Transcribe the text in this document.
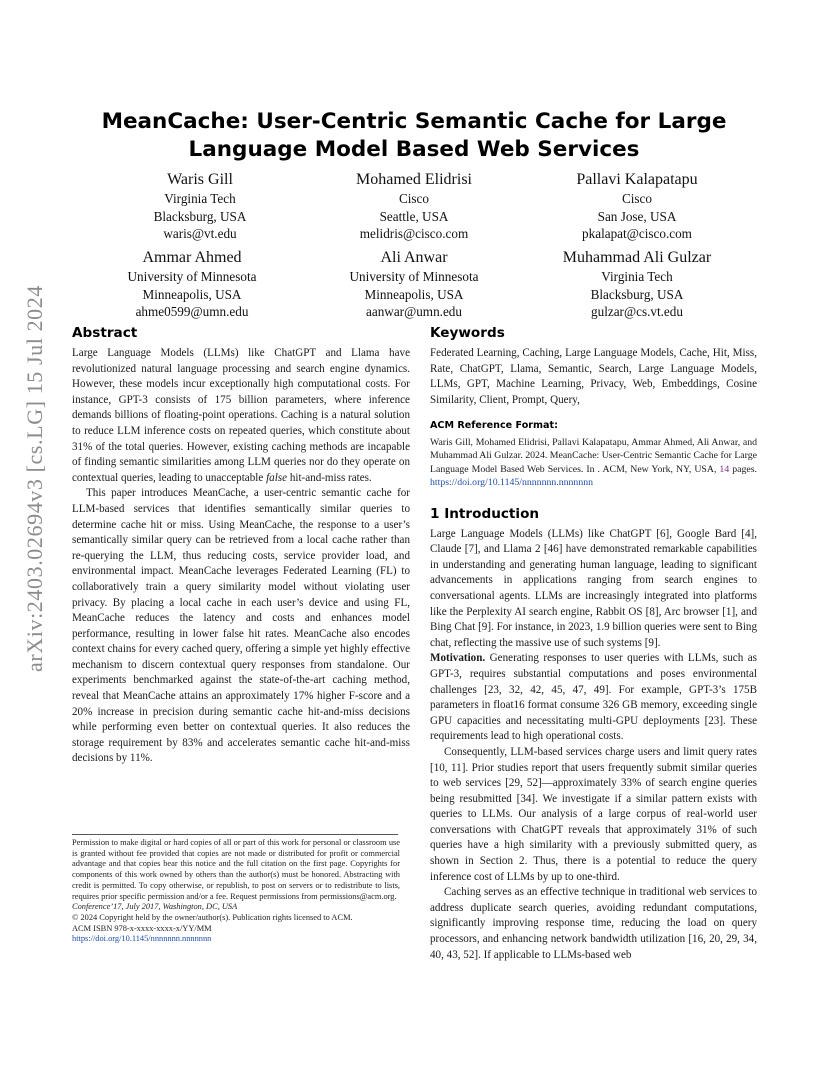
arXiv:2403.02694v3 [cs.LG] 15 Jul 2024
MeanCache: User-Centric Semantic Cache for Large Language Model Based Web Services
Waris Gill
Virginia Tech
Blacksburg, USA
waris@vt.edu
Mohamed Elidrisi
Cisco
Seattle, USA
melidris@cisco.com
Pallavi Kalapatapu
Cisco
San Jose, USA
pkalapat@cisco.com
Ammar Ahmed
University of Minnesota
Minneapolis, USA
ahme0599@umn.edu
Ali Anwar
University of Minnesota
Minneapolis, USA
aanwar@umn.edu
Muhammad Ali Gulzar
Virginia Tech
Blacksburg, USA
gulzar@cs.vt.edu
Abstract

Large Language Models (LLMs) like ChatGPT and Llama have revolutionized natural language processing and search engine dynamics. However, these models incur exceptionally high computational costs. For instance, GPT-3 consists of 175 billion parameters, where inference demands billions of floating-point operations. Caching is a natural solution to reduce LLM inference costs on repeated queries, which constitute about 31% of the total queries. However, existing caching methods are incapable of finding semantic similarities among LLM queries nor do they operate on contextual queries, leading to unacceptable false hit-and-miss rates.

This paper introduces MeanCache, a user-centric semantic cache for LLM-based services that identifies semantically similar queries to determine cache hit or miss. Using MeanCache, the response to a user’s semantically similar query can be retrieved from a local cache rather than re-querying the LLM, thus reducing costs, service provider load, and environmental impact. MeanCache leverages Federated Learning (FL) to collaboratively train a query similarity model without violating user privacy. By placing a local cache in each user’s device and using FL, MeanCache reduces the latency and costs and enhances model performance, resulting in lower false hit rates. MeanCache also encodes context chains for every cached query, offering a simple yet highly effective mechanism to discern contextual query responses from standalone. Our experiments benchmarked against the state-of-the-art caching method, reveal that MeanCache attains an approximately 17% higher F-score and a 20% increase in precision during semantic cache hit-and-miss decisions while performing even better on contextual queries. It also reduces the storage requirement by 83% and accelerates semantic cache hit-and-miss decisions by 11%.

Permission to make digital or hard copies of all or part of this work for personal or classroom use is granted without fee provided that copies are not made or distributed for profit or commercial advantage and that copies bear this notice and the full citation on the first page. Copyrights for components of this work owned by others than the author(s) must be honored. Abstracting with credit is permitted. To copy otherwise, or republish, to post on servers or to redistribute to lists, requires prior specific permission and/or a fee. Request permissions from permissions@acm.org.

Conference’17, July 2017, Washington, DC, USA

© 2024 Copyright held by the owner/author(s). Publication rights licensed to ACM.

ACM ISBN 978-x-xxxx-xxxx-x/YY/MM

https://doi.org/10.1145/nnnnnnn.nnnnnnn

Keywords

Federated Learning, Caching, Large Language Models, Cache, Hit, Miss, Rate, ChatGPT, Llama, Semantic, Search, Large Language Models, LLMs, GPT, Machine Learning, Privacy, Web, Embeddings, Cosine Similarity, Client, Prompt, Query,

ACM Reference Format:

Waris Gill, Mohamed Elidrisi, Pallavi Kalapatapu, Ammar Ahmed, Ali Anwar, and Muhammad Ali Gulzar. 2024. MeanCache: User-Centric Semantic Cache for Large Language Model Based Web Services. In . ACM, New York, NY, USA, 14 pages. https://doi.org/10.1145/nnnnnnn.nnnnnnn

1 Introduction

Large Language Models (LLMs) like ChatGPT [6], Google Bard [4], Claude [7], and Llama 2 [46] have demonstrated remarkable capabilities in understanding and generating human language, leading to significant advancements in applications ranging from search engines to conversational agents. LLMs are increasingly integrated into platforms like the Perplexity AI search engine, Rabbit OS [8], Arc browser [1], and Bing Chat [9]. For instance, in 2023, 1.9 billion queries were sent to Bing chat, reflecting the massive use of such systems [9].

Motivation. Generating responses to user queries with LLMs, such as GPT-3, requires substantial computations and poses environmental challenges [23, 32, 42, 45, 47, 49]. For example, GPT-3’s 175B parameters in float16 format consume 326 GB memory, exceeding single GPU capacities and necessitating multi-GPU deployments [23]. These requirements lead to high operational costs.

Consequently, LLM-based services charge users and limit query rates [10, 11]. Prior studies report that users frequently submit similar queries to web services [29, 52]—approximately 33% of search engine queries being resubmitted [34]. We investigate if a similar pattern exists with queries to LLMs. Our analysis of a large corpus of real-world user conversations with ChatGPT reveals that approximately 31% of such queries have a high similarity with a previously submitted query, as shown in Section 2. Thus, there is a potential to reduce the query inference cost of LLMs by up to one-third.

Caching serves as an effective technique in traditional web services to address duplicate search queries, avoiding redundant computations, significantly improving response time, reducing the load on query processors, and enhancing network bandwidth utilization [16, 20, 29, 34, 40, 43, 52]. If applicable to LLMs-based web
